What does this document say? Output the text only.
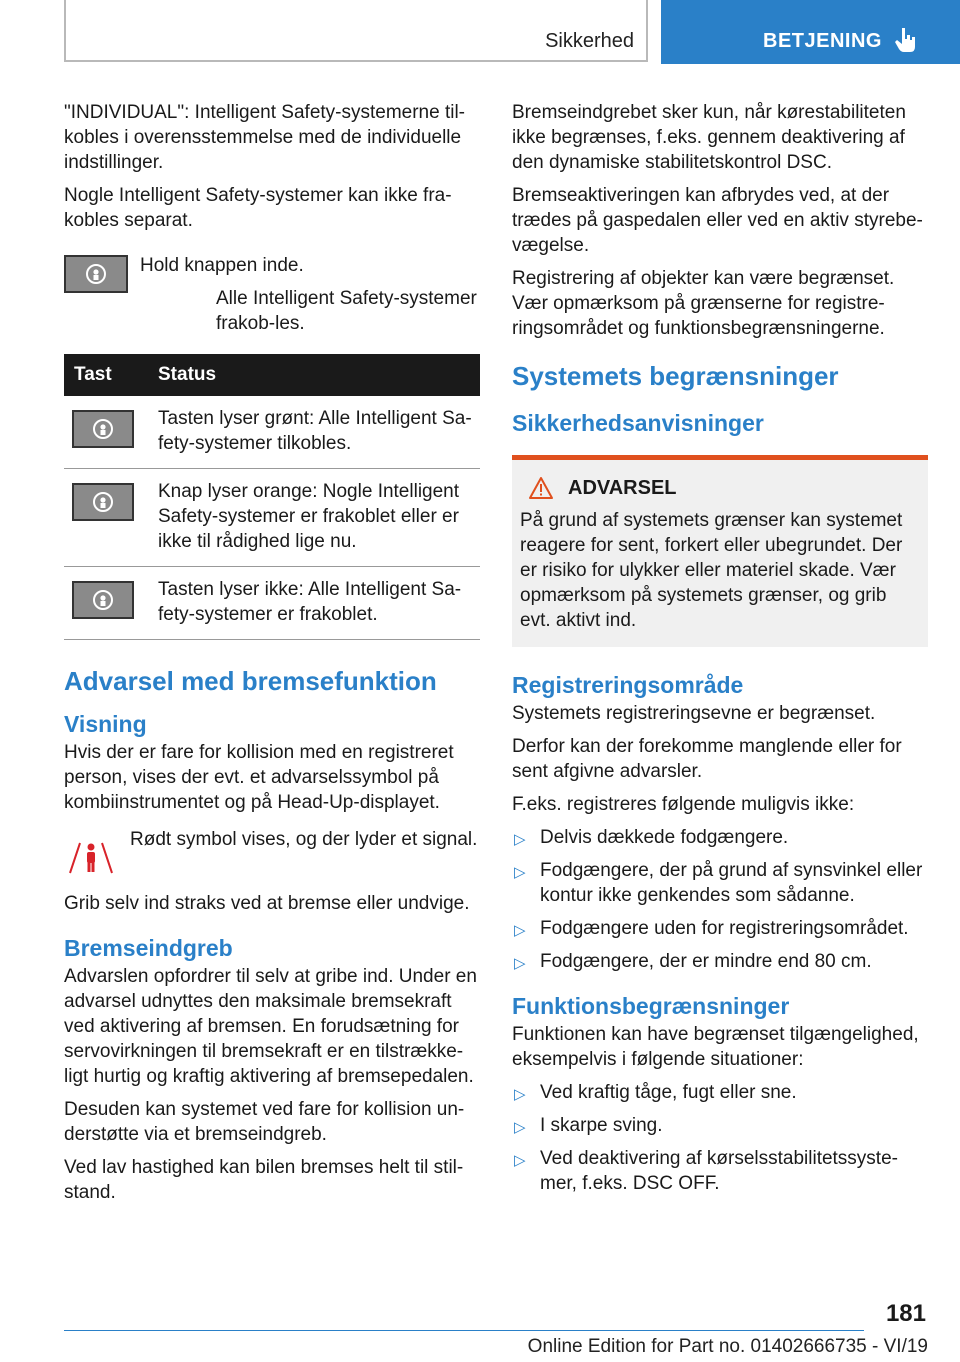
Sikkerhed	BETJENING

"INDIVIDUAL": Intelligent Safety-systemerne til-kobles i overensstemmelse med de individuelle indstillinger.

Nogle Intelligent Safety-systemer kan ikke fra-kobles separat.

Hold knappen inde.

Alle Intelligent Safety-systemer frakob-les.

Tast	Status

	Tasten lyser grønt: Alle Intelligent Sa-fety-systemer tilkobles.

	Knap lyser orange: Nogle Intelligent Safety-systemer er frakoblet eller er ikke til rådighed lige nu.

	Tasten lyser ikke: Alle Intelligent Sa-fety-systemer er frakoblet.
Advarsel med bremsefunktion
Visning

Hvis der er fare for kollision med en registreret person, vises der evt. et advarselssymbol på kombiinstrumentet og på Head-Up-displayet.

Rødt symbol vises, og der lyder et signal.

Grib selv ind straks ved at bremse eller undvige.

Bremseindgreb

Advarslen opfordrer til selv at gribe ind. Under en advarsel udnyttes den maksimale bremsekraft ved aktivering af bremsen. En forudsætning for servovirkningen til bremsekraft er en tilstrække-ligt hurtig og kraftig aktivering af bremsepedalen.

Desuden kan systemet ved fare for kollision un-derstøtte via et bremseindgreb.

Ved lav hastighed kan bilen bremses helt til stil-stand.

Bremseindgrebet sker kun, når kørestabiliteten ikke begrænses, f.eks. gennem deaktivering af den dynamiske stabilitetskontrol DSC.

Bremseaktiveringen kan afbrydes ved, at der trædes på gaspedalen eller ved en aktiv styrebe-vægelse.

Registrering af objekter kan være begrænset. Vær opmærksom på grænserne for registre-ringsområdet og funktionsbegrænsningerne.

Systemets begrænsninger
Sikkerhedsanvisninger
ADVARSEL

På grund af systemets grænser kan systemet reagere for sent, forkert eller ubegrundet. Der er risiko for ulykker eller materiel skade. Vær opmærksom på systemets grænser, og grib evt. aktivt ind.

Registreringsområde

Systemets registreringsevne er begrænset.

Derfor kan der forekomme manglende eller for sent afgivne advarsler.

F.eks. registreres følgende muligvis ikke:

▷ Delvis dækkede fodgængere.
▷ Fodgængere, der på grund af synsvinkel eller kontur ikke genkendes som sådanne.
▷ Fodgængere uden for registreringsområdet.
▷ Fodgængere, der er mindre end 80 cm.
Funktionsbegrænsninger

Funktionen kan have begrænset tilgængelighed, eksempelvis i følgende situationer:

▷ Ved kraftig tåge, fugt eller sne.
▷ I skarpe sving.
▷ Ved deaktivering af kørselsstabilitetssyste-mer, f.eks. DSC OFF.
181
Online Edition for Part no. 01402666735 - VI/19
